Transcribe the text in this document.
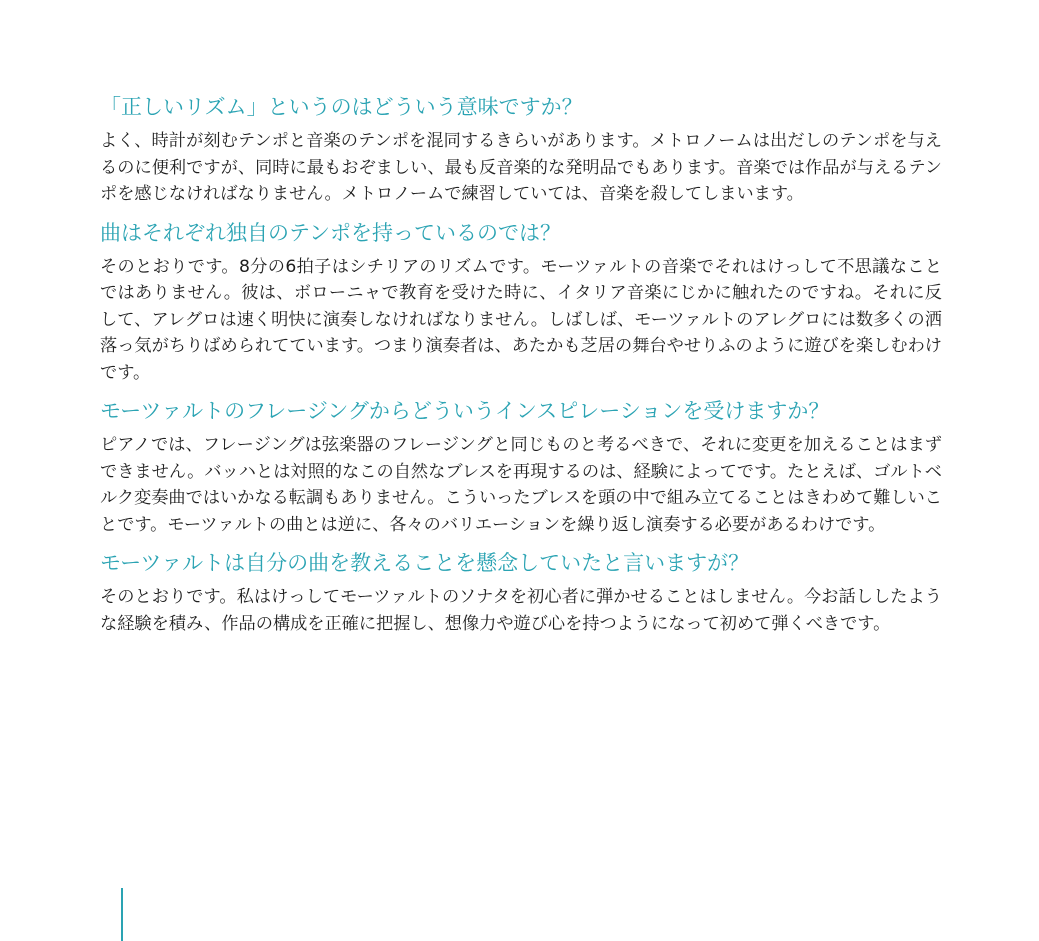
「正しいリズム」というのはどういう意味ですか？

よく、時計が刻むテンポと音楽のテンポを混同するきらいがあります。メトロノームは出だしのテンポを与えるのに便利ですが、同時に最もおぞましい、最も反音楽的な発明品でもあります。音楽では作品が与えるテンポを感じなければなりません。メトロノームで練習していては、音楽を殺してしまいます。

曲はそれぞれ独自のテンポを持っているのでは？

そのとおりです。8分の6拍子はシチリアのリズムです。モーツァルトの音楽でそれはけっして不思議なことではありません。彼は、ボローニャで教育を受けた時に、イタリア音楽にじかに触れたのですね。それに反して、アレグロは速く明快に演奏しなければなりません。しばしば、モーツァルトのアレグロには数多くの洒落っ気がちりばめられてています。つまり演奏者は、あたかも芝居の舞台やせりふのように遊びを楽しむわけです。

モーツァルトのフレージングからどういうインスピレーションを受けますか？

ピアノでは、フレージングは弦楽器のフレージングと同じものと考るべきで、それに変更を加えることはまずできません。バッハとは対照的なこの自然なブレスを再現するのは、経験によってです。たとえば、ゴルトベルク変奏曲ではいかなる転調もありません。こういったブレスを頭の中で組み立てることはきわめて難しいことです。モーツァルトの曲とは逆に、各々のバリエーションを繰り返し演奏する必要があるわけです。

モーツァルトは自分の曲を教えることを懸念していたと言いますが？

そのとおりです。私はけっしてモーツァルトのソナタを初心者に弾かせることはしません。今お話ししたような経験を積み、作品の構成を正確に把握し、想像力や遊び心を持つようになって初めて弾くべきです。
